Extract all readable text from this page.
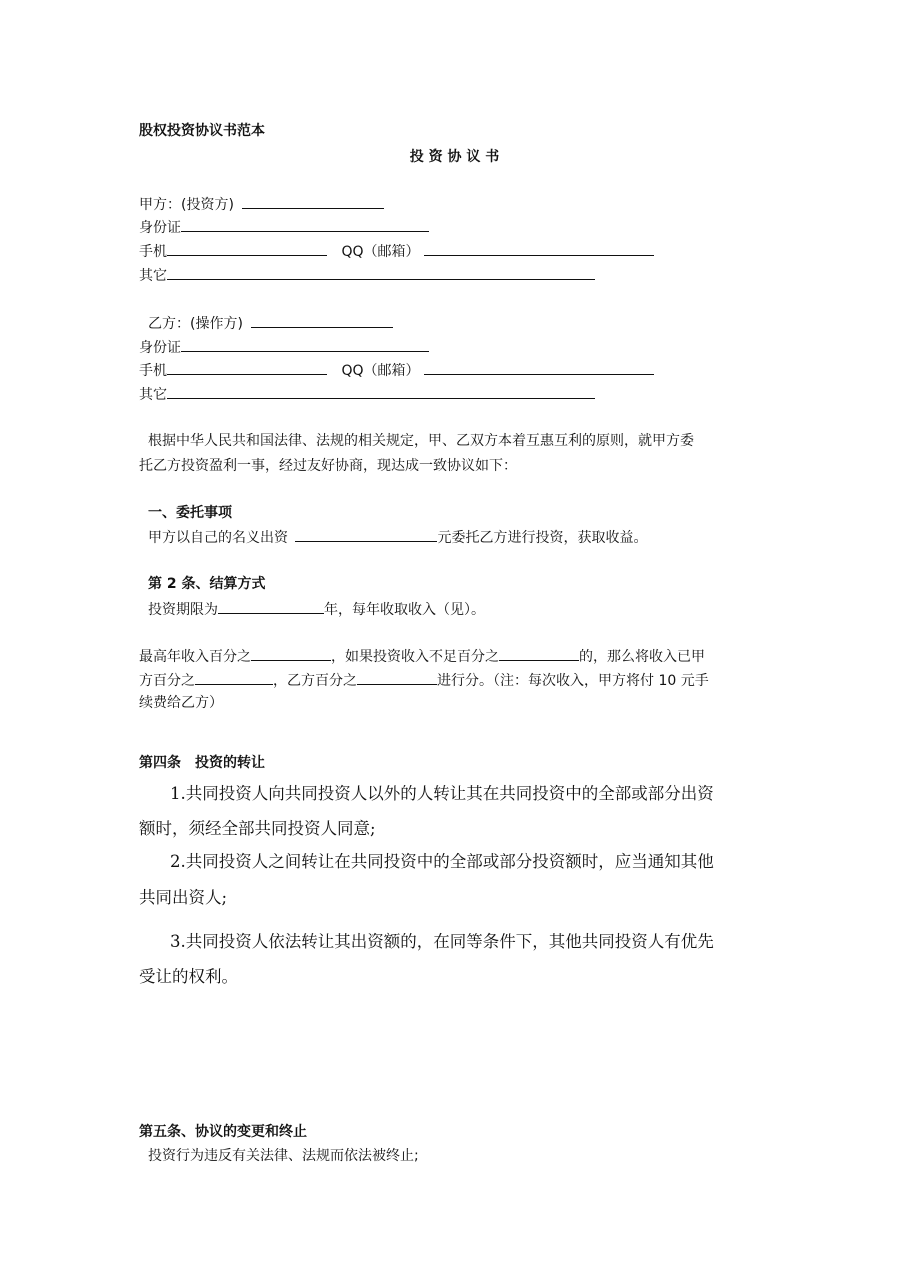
股权投资协议书范本
投 资 协 议 书
甲方：(投资方)
身份证
手机	QQ（邮箱）
其它
乙方：(操作方)
身份证
手机	QQ（邮箱）
其它
根据中华人民共和国法律、法规的相关规定，甲、乙双方本着互惠互利的原则，就甲方委
托乙方投资盈利一事，经过友好协商，现达成一致协议如下：
一、委托事项
甲方以自己的名义出资	元委托乙方进行投资，获取收益。
第 2 条、结算方式
投资期限为	年，每年收取收入（见）。
最高年收入百分之	，如果投资收入不足百分之	的，那么将收入已甲
方百分之	，乙方百分之	进行分。（注：每次收入，甲方将付 10 元手
续费给乙方）
第四条　投资的转让
1.共同投资人向共同投资人以外的人转让其在共同投资中的全部或部分出资
额时，须经全部共同投资人同意;
2.共同投资人之间转让在共同投资中的全部或部分投资额时，应当通知其他
共同出资人;
3.共同投资人依法转让其出资额的，在同等条件下，其他共同投资人有优先
受让的权利。
第五条、协议的变更和终止
投资行为违反有关法律、法规而依法被终止;
